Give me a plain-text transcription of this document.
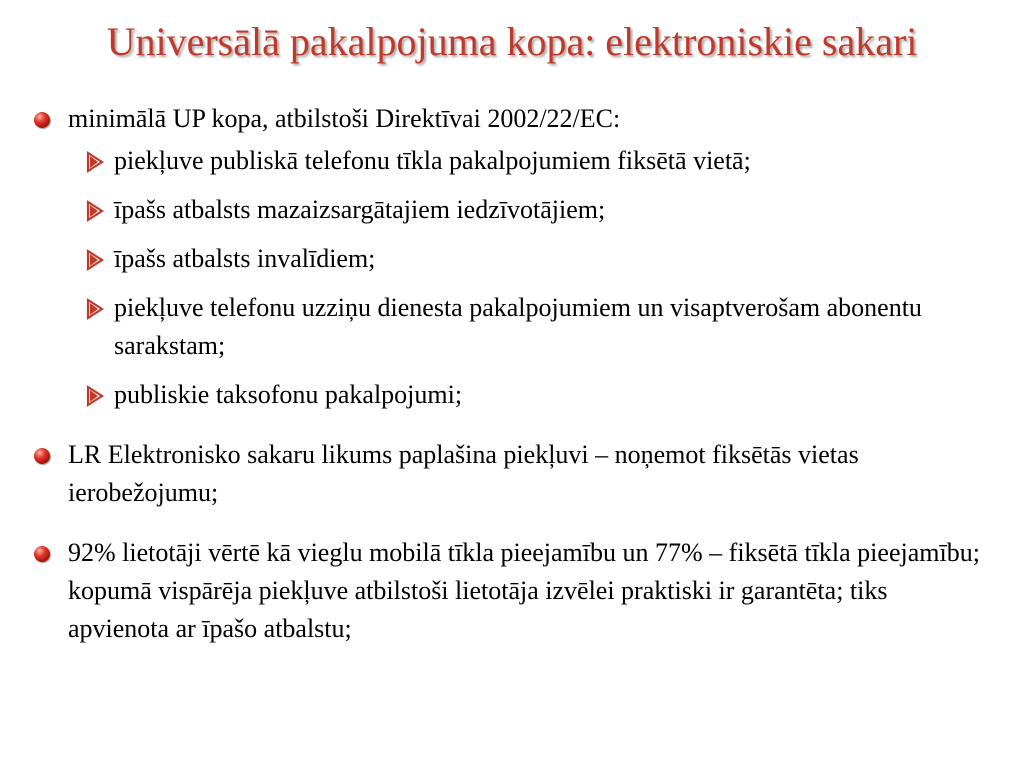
Universālā pakalpojuma kopa: elektroniskie sakari
minimālā UP kopa, atbilstoši Direktīvai 2002/22/EC:
piekļuve publiskā telefonu tīkla pakalpojumiem fiksētā vietā;
īpašs atbalsts mazaizsargātajiem iedzīvotājiem;
īpašs atbalsts invalīdiem;
piekļuve telefonu uzziņu dienesta pakalpojumiem un visaptverošam abonentu sarakstam;
publiskie taksofonu pakalpojumi;
LR Elektronisko sakaru likums paplašina piekļuvi – noņemot fiksētās vietas ierobežojumu;
92% lietotāji vērtē kā vieglu mobilā tīkla pieejamību un 77% – fiksētā tīkla pieejamību; kopumā vispārēja piekļuve atbilstoši lietotāja izvēlei praktiski ir garantēta; tiks apvienota ar īpašo atbalstu;
